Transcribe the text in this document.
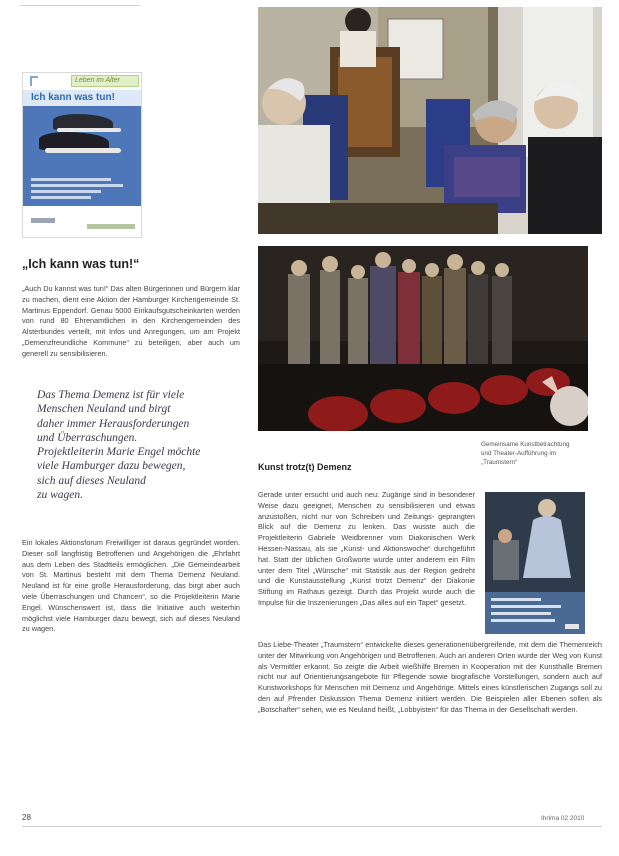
Leben im Alter
Ich kann was tun!
„Ich kann was tun!“
„Auch Du kannst was tun!“ Das alten Bürgerinnen und Bürgern klar zu machen, dient eine Aktion der Hamburger Kirchengemeinde St. Martinus Eppendorf. Genau 5000 Einkaufsgutscheinkarten werden von rund 80 Ehrenamtlichen in den Kirchengemeinden des Alsterbundes verteilt, mit Infos und Anregungen, um am Projekt „Demenzfreundliche Kommune“ zu beteiligen, aber auch um generell zu sensibilisieren.
Das Thema Demenz ist für viele
Menschen Neuland und birgt
daher immer Herausforderungen
und Überraschungen.
Projektleiterin Marie Engel möchte
viele Hamburger dazu bewegen,
sich auf dieses Neuland
zu wagen.
Ein lokales Aktionsforum Freiwilliger ist daraus gegründet worden. Dieser soll langfristig Betroffenen und Angehörigen die „Ehrfahrt aus dem Leben des Stadtteils ermöglichen. „Die Gemeindearbeit von St. Martinus besteht mit dem Thema Demenz Neuland. Neuland ist für eine große Herausforderung, das birgt aber auch viele Überraschungen und Chancen“, so die Projektleiterin Marie Engel. Wünschenswert ist, dass die Initiative auch weiterhin möglichst viele Hamburger dazu bewegt, sich auf dieses Neuland zu wagen.
Gemeinsame Kunstbetrachtung
und Theater-Aufführung im
„Traumstern“
Kunst trotz(t) Demenz
Gerade unter ersucht und auch neu: Zugänge sind in besonderer Weise dazu geeignet, Menschen zu sensibilisieren und etwas anzustoßen, nicht nur von Schreiben und Zeitungs- geprangten Blick auf die Demenz zu lenken. Das wusste auch die Projektleiterin Gabriele Weidbrenner vom Diakonischen Werk Hessen-Nassau, als sie „Kunst- und Aktionswoche“ durchgeführt hat. Statt der üblichen Großworte wurde unter anderem ein Film unter dem Titel „Wünsche“ mit Statistik aus der Region gedreht und die Kunstausstellung „Kunst trotzt Demenz“ der Diakonie Stiftung im Rathaus gezeigt. Durch das Projekt wurde auch die Impulse für die Inszenierungen „Das alles auf ein Tapet“ gesetzt.
Das Liebe-Theater „Traumstern“ entwickelte dieses generationenübergreifende, mit dem die Themenreich unter der Mitwirkung von Angehörigen und Betroffenen. Auch an anderen Orten wurde der Weg von Kunst als Vermittler erkannt. So zeigte die Arbeit wießhilfe Bremen in Kooperation mit der Kunsthalle Bremen nicht nur auf Orientierungsangebote für Pflegende sowie biografische Vorstellungen, sondern auch auf Kunstworkshops für Menschen mit Demenz und Angehörige. Mittels eines künstlerischen Zugangs soll zu den auf Pfrender Diskussion Thema Demenz initiiert werden. Die Beispielen aller Ebenen sollen als „Botschafter“ sehen, wie es Neuland heißt, „Lobbyisten“ für das Thema in der Gesellschaft werden.
28	Ihrima 02 2010
